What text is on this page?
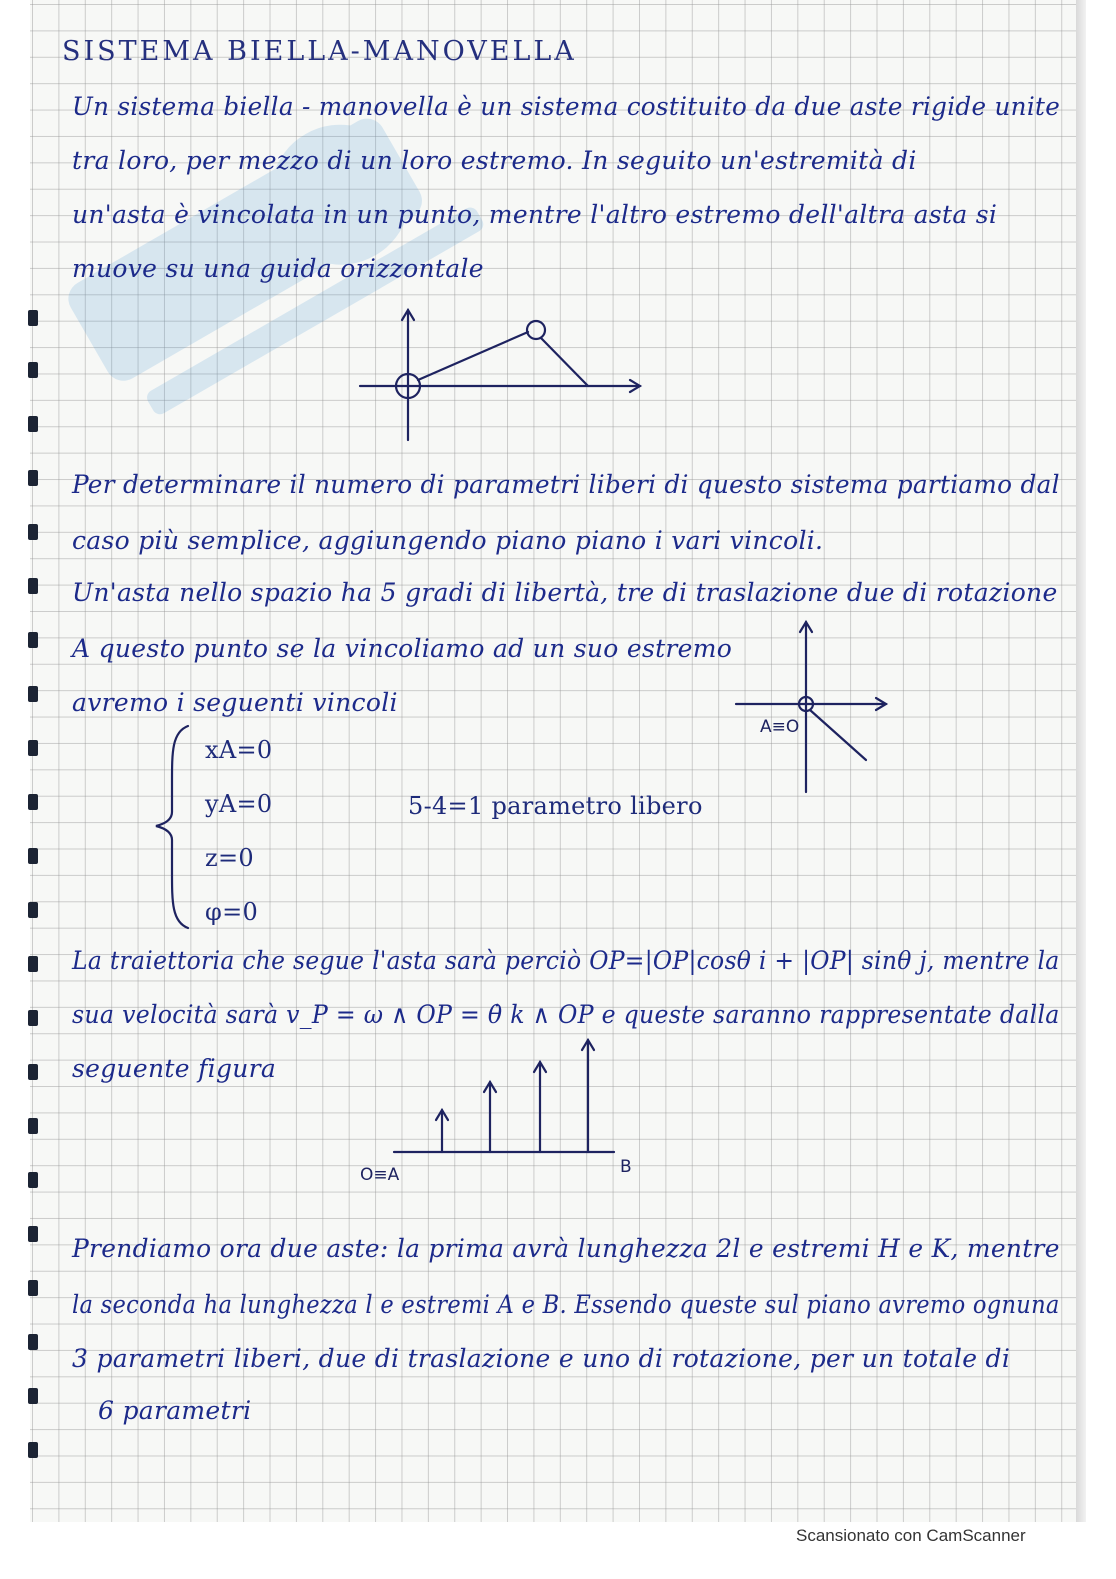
SISTEMA BIELLA-MANOVELLA
Un sistema biella - manovella è un sistema costituito da due aste rigide unite
tra loro, per mezzo di un loro estremo. In seguito un'estremità di
un'asta è vincolata in un punto, mentre l'altro estremo dell'altra asta si
muove su una guida orizzontale
Per determinare il numero di parametri liberi di questo sistema partiamo dal
caso più semplice, aggiungendo piano piano i vari vincoli.
Un'asta nello spazio ha 5 gradi di libertà, tre di traslazione due di rotazione
A questo punto se la vincoliamo ad un suo estremo
avremo i seguenti vincoli
A≡O
xA=0
yA=0
z=0
φ=0
5-4=1 parametro libero
La traiettoria che segue l'asta sarà perciò OP=|OP|cosθ i + |OP| sinθ j, mentre la
sua velocità sarà v_P = ω ∧ OP = θ̇ k ∧ OP e queste saranno rappresentate dalla
seguente figura
O≡A	B
Prendiamo ora due aste: la prima avrà lunghezza 2l e estremi H e K, mentre
la seconda ha lunghezza l e estremi A e B. Essendo queste sul piano avremo ognuna
3 parametri liberi, due di traslazione e uno di rotazione, per un totale di
6 parametri
Scansionato con CamScanner
